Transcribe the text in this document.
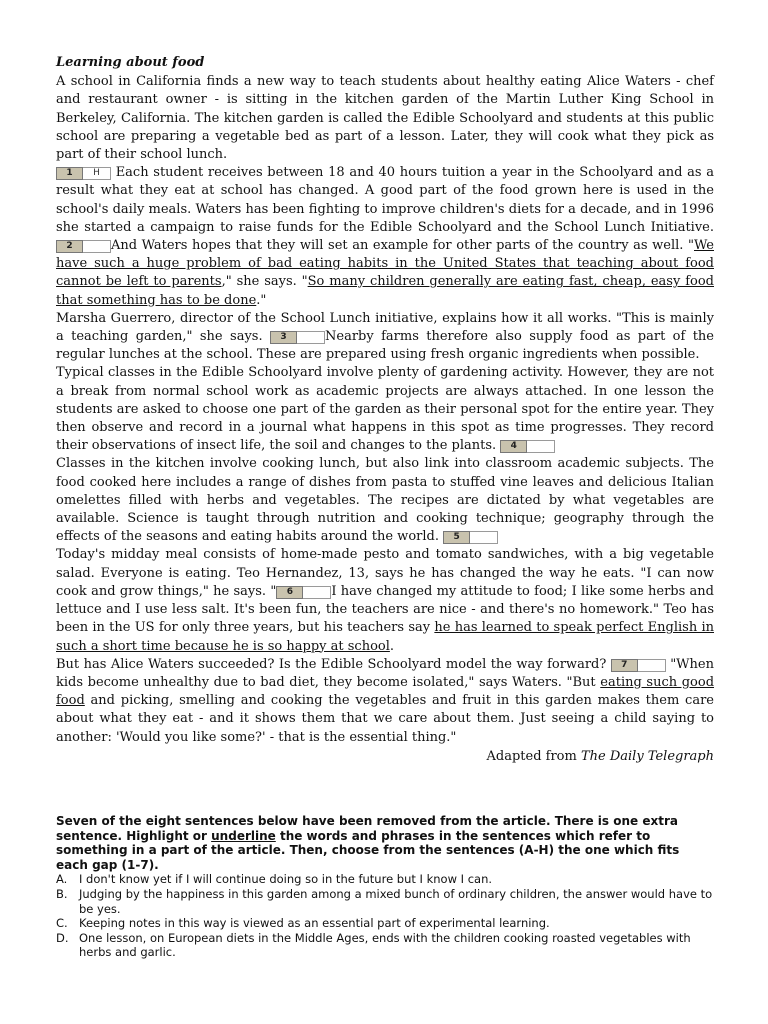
Learning about food

A school in California finds a new way to teach students about healthy eating Alice Waters - chef and restaurant owner - is sitting in the kitchen garden of the Martin Luther King School in Berkeley, California. The kitchen garden is called the Edible Schoolyard and students at this public school are preparing a vegetable bed as part of a lesson. Later, they will cook what they pick as part of their school lunch.
1 H Each student receives between 18 and 40 hours tuition a year in the Schoolyard and as a result what they eat at school has changed. A good part of the food grown here is used in the school's daily meals. Waters has been fighting to improve children's diets for a decade, and in 1996 she started a campaign to raise funds for the Edible Schoolyard and the School Lunch Initiative. 2	And Waters hopes that they will set an example for other parts of the country as well. "We have such a huge problem of bad eating habits in the United States that teaching about food cannot be left to parents," she says. "So many children generally are eating fast, cheap, easy food that something has to be done."

Marsha Guerrero, director of the School Lunch initiative, explains how it all works. "This is mainly a teaching garden," she says. 3	Nearby farms therefore also supply food as part of the regular lunches at the school. These are prepared using fresh organic ingredients when possible.

Typical classes in the Edible Schoolyard involve plenty of gardening activity. However, they are not a break from normal school work as academic projects are always attached. In one lesson the students are asked to choose one part of the garden as their personal spot for the entire year. They then observe and record in a journal what happens in this spot as time progresses. They record their observations of insect life, the soil and changes to the plants. 4

Classes in the kitchen involve cooking lunch, but also link into classroom academic subjects. The food cooked here includes a range of dishes from pasta to stuffed vine leaves and delicious Italian omelettes filled with herbs and vegetables. The recipes are dictated by what vegetables are available. Science is taught through nutrition and cooking technique; geography through the effects of the seasons and eating habits around the world. 5

Today's midday meal consists of home-made pesto and tomato sandwiches, with a big vegetable salad. Everyone is eating. Teo Hernandez, 13, says he has changed the way he eats. "I can now cook and grow things," he says. " 6	I have changed my attitude to food; I like some herbs and lettuce and I use less salt. It's been fun, the teachers are nice - and there's no homework." Teo has been in the US for only three years, but his teachers say he has learned to speak perfect English in such a short time because he is so happy at school.

But has Alice Waters succeeded? Is the Edible Schoolyard model the way forward? 7	"When kids become unhealthy due to bad diet, they become isolated," says Waters. "But eating such good food and picking, smelling and cooking the vegetables and fruit in this garden makes them care about what they eat - and it shows them that we care about them. Just seeing a child saying to another: 'Would you like some?' - that is the essential thing."

Adapted from The Daily Telegraph
Seven of the eight sentences below have been removed from the article. There is one extra sentence. Highlight or underline the words and phrases in the sentences which refer to something in a part of the article. Then, choose from the sentences (A-H) the one which fits each gap (1-7).
A.	I don't know yet if I will continue doing so in the future but I know I can.
B. Judging by the happiness in this garden among a mixed bunch of ordinary children, the answer would have to be yes.
C. Keeping notes in this way is viewed as an essential part of experimental learning.
D. One lesson, on European diets in the Middle Ages, ends with the children cooking roasted vegetables with herbs and garlic.
